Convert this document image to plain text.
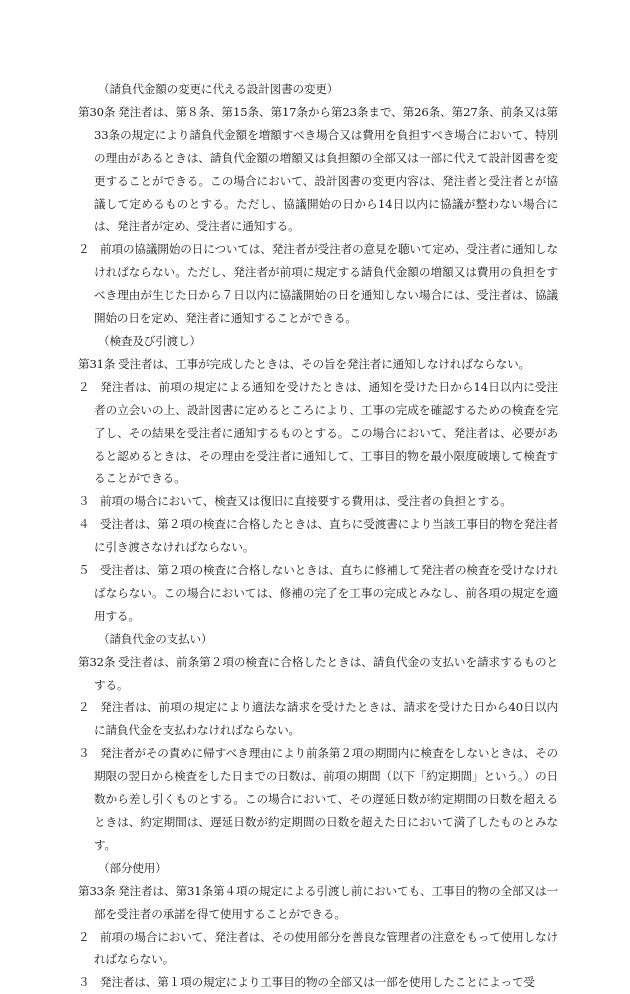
（請負代金額の変更に代える設計図書の変更）

第30条 発注者は、第８条、第15条、第17条から第23条まで、第26条、第27条、前条又は第33条の規定により請負代金額を増額すべき場合又は費用を負担すべき場合において、特別の理由があるときは、請負代金額の増額又は負担額の全部又は一部に代えて設計図書を変更することができる。この場合において、設計図書の変更内容は、発注者と受注者とが協議して定めるものとする。ただし、協議開始の日から14日以内に協議が整わない場合には、発注者が定め、受注者に通知する。

２ 前項の協議開始の日については、発注者が受注者の意見を聴いて定め、受注者に通知しなければならない。ただし、発注者が前項に規定する請負代金額の増額又は費用の負担をすべき理由が生じた日から７日以内に協議開始の日を通知しない場合には、受注者は、協議開始の日を定め、発注者に通知することができる。

（検査及び引渡し）

第31条 受注者は、工事が完成したときは、その旨を発注者に通知しなければならない。

２ 発注者は、前項の規定による通知を受けたときは、通知を受けた日から14日以内に受注者の立会いの上、設計図書に定めるところにより、工事の完成を確認するための検査を完了し、その結果を受注者に通知するものとする。この場合において、発注者は、必要があると認めるときは、その理由を受注者に通知して、工事目的物を最小限度破壊して検査することができる。

３ 前項の場合において、検査又は復旧に直接要する費用は、受注者の負担とする。

４ 受注者は、第２項の検査に合格したときは、直ちに受渡書により当該工事目的物を発注者に引き渡さなければならない。

５ 受注者は、第２項の検査に合格しないときは、直ちに修補して発注者の検査を受けなければならない。この場合においては、修補の完了を工事の完成とみなし、前各項の規定を適用する。

（請負代金の支払い）

第32条 受注者は、前条第２項の検査に合格したときは、請負代金の支払いを請求するものとする。

２ 発注者は、前項の規定により適法な請求を受けたときは、請求を受けた日から40日以内に請負代金を支払わなければならない。

３ 発注者がその責めに帰すべき理由により前条第２項の期間内に検査をしないときは、その期限の翌日から検査をした日までの日数は、前項の期間（以下「約定期間」という。）の日数から差し引くものとする。この場合において、その遅延日数が約定期間の日数を超えるときは、約定期間は、遅延日数が約定期間の日数を超えた日において満了したものとみなす。

（部分使用）

第33条 発注者は、第31条第４項の規定による引渡し前においても、工事目的物の全部又は一部を受注者の承諾を得て使用することができる。

２ 前項の場合において、発注者は、その使用部分を善良な管理者の注意をもって使用しなければならない。

３ 発注者は、第１項の規定により工事目的物の全部又は一部を使用したことによって受
